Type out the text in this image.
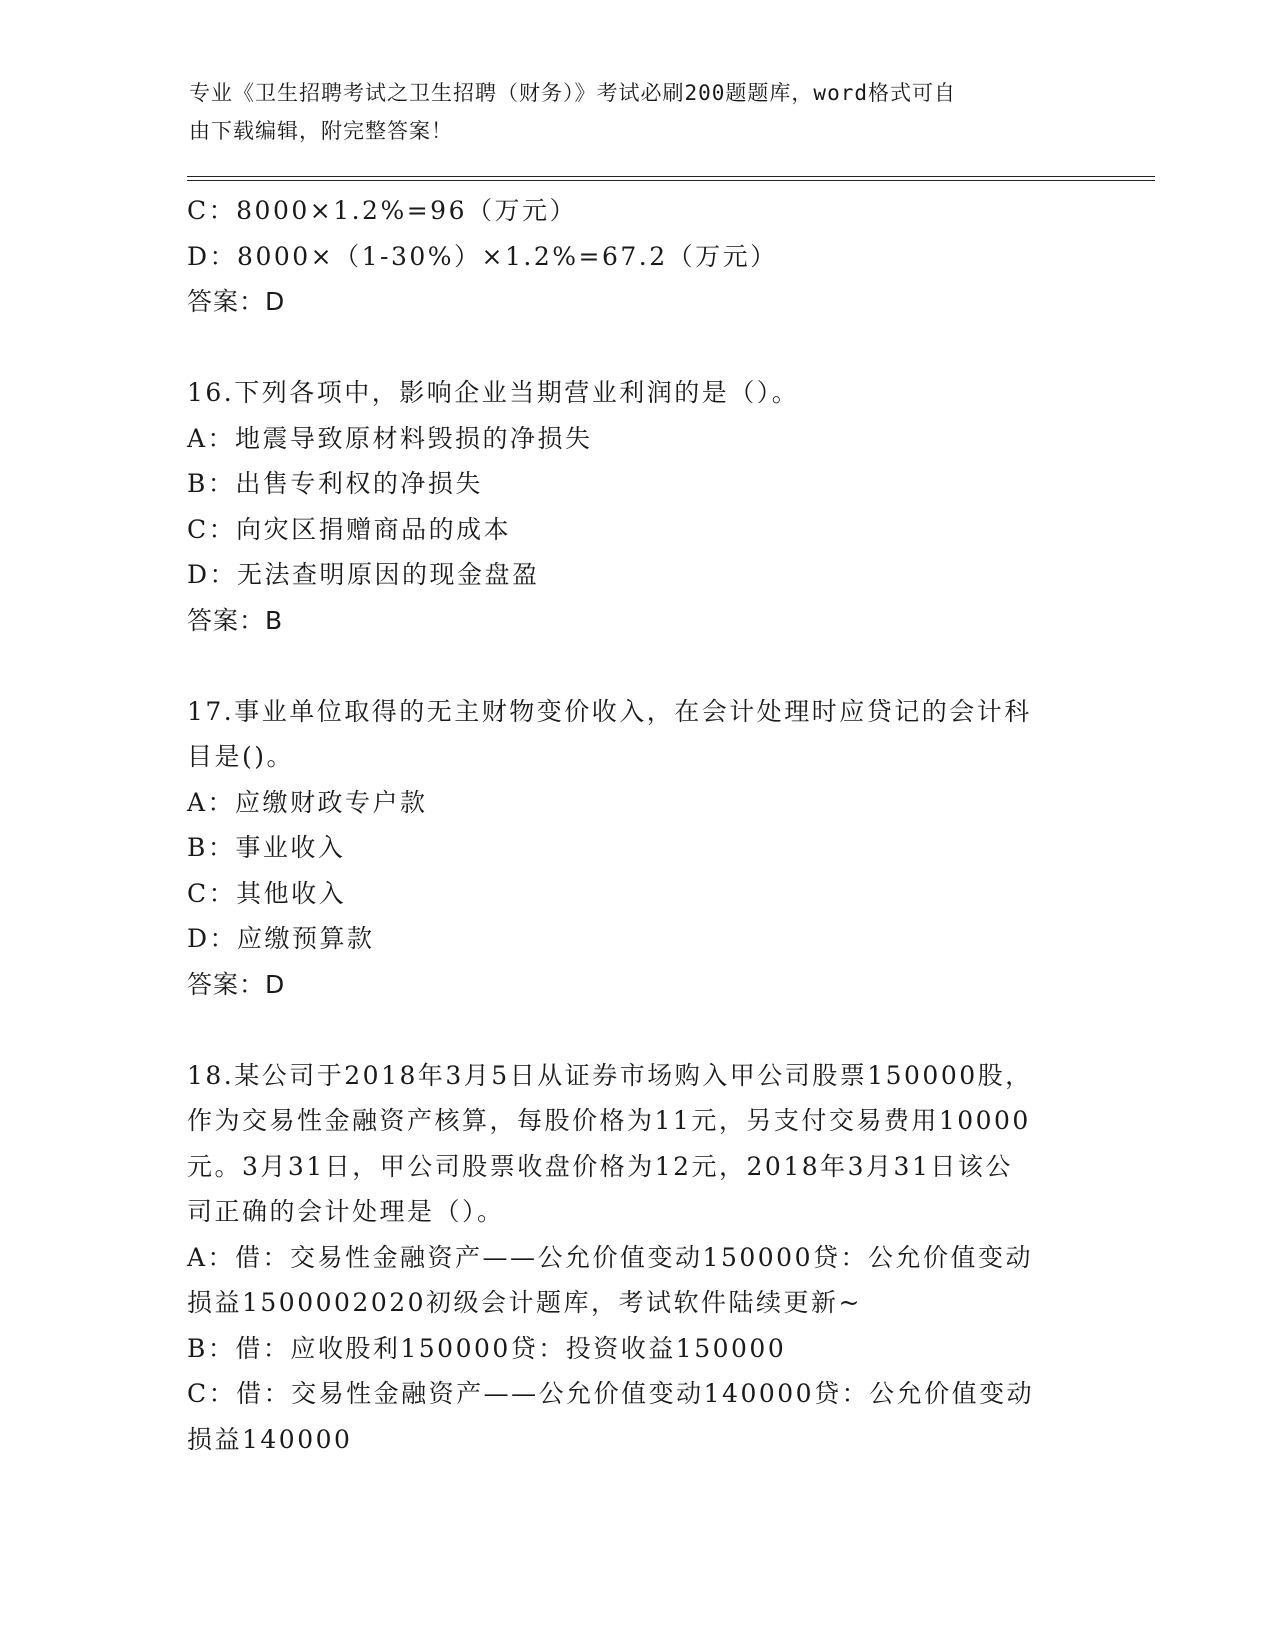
专业《卫生招聘考试之卫生招聘（财务）》考试必刷200题题库，word格式可自
由下载编辑，附完整答案！

C：8000×1.2%=96（万元）

D：8000×（1-30%）×1.2%=67.2（万元）

答案：D

16.下列各项中，影响企业当期营业利润的是（）。

A：地震导致原材料毁损的净损失

B：出售专利权的净损失

C：向灾区捐赠商品的成本

D：无法查明原因的现金盘盈

答案：B

17.事业单位取得的无主财物变价收入，在会计处理时应贷记的会计科

目是()。

A：应缴财政专户款

B：事业收入

C：其他收入

D：应缴预算款

答案：D

18.某公司于2018年3月5日从证券市场购入甲公司股票150000股，

作为交易性金融资产核算，每股价格为11元，另支付交易费用10000

元。3月31日，甲公司股票收盘价格为12元，2018年3月31日该公

司正确的会计处理是（）。

A：借：交易性金融资产——公允价值变动150000贷：公允价值变动

损益1500002020初级会计题库，考试软件陆续更新~

B：借：应收股利150000贷：投资收益150000

C：借：交易性金融资产——公允价值变动140000贷：公允价值变动

损益140000
